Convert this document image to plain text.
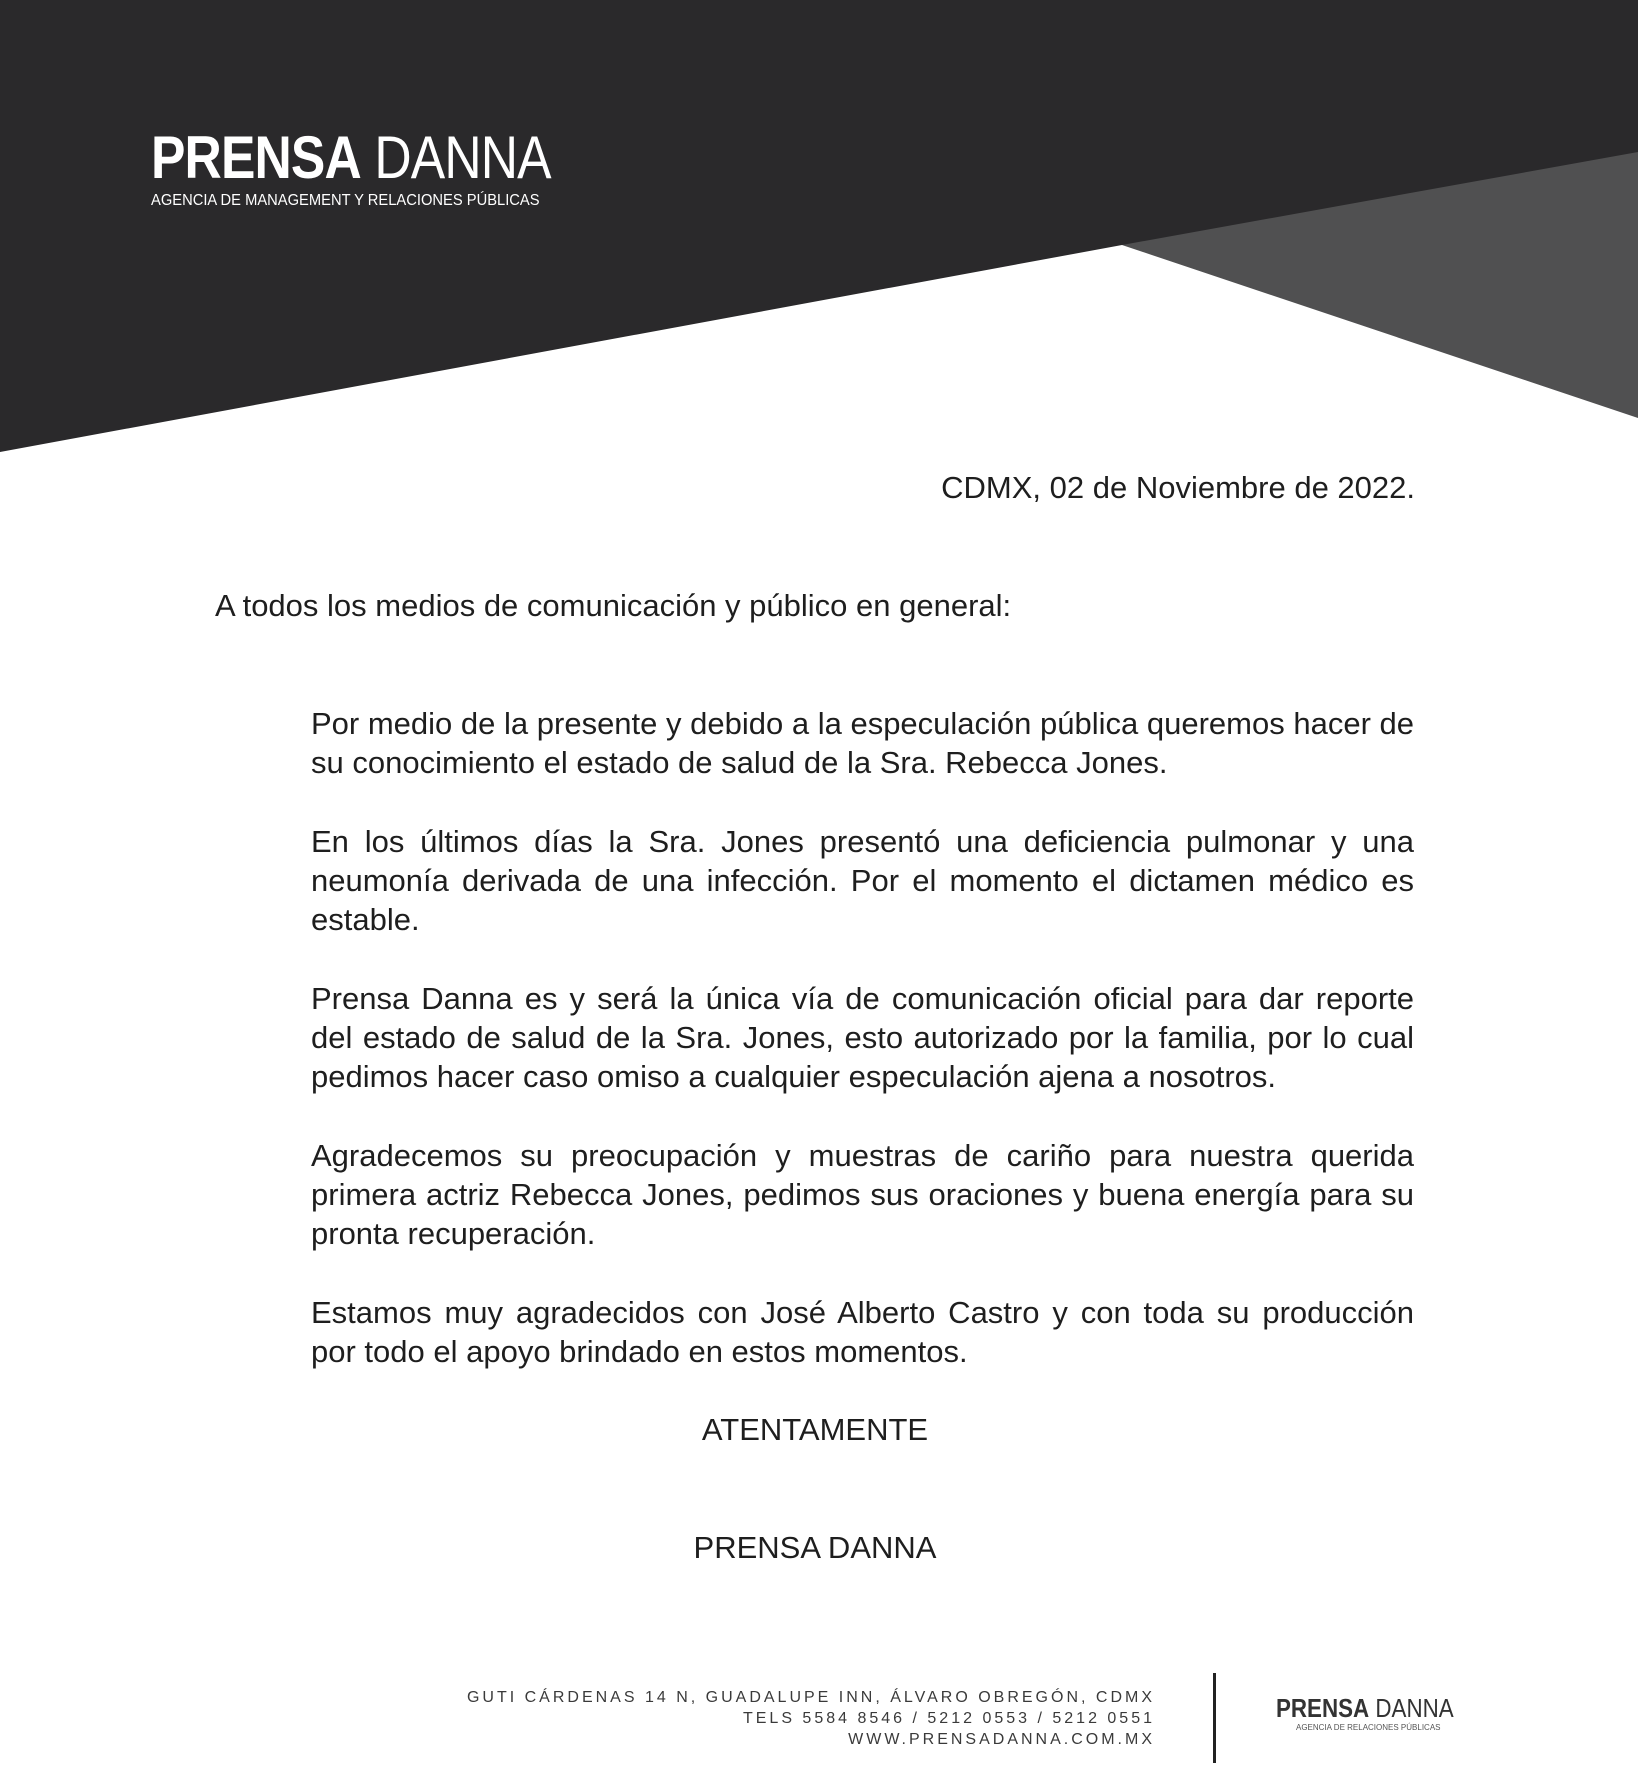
PRENSA DANNA
AGENCIA DE MANAGEMENT Y RELACIONES PÚBLICAS
CDMX, 02 de Noviembre de 2022.
A todos los medios de comunicación y público en general:

Por medio de la presente y debido a la especulación pública queremos hacer de su conocimiento el estado de salud de la Sra. Rebecca Jones.

En los últimos días la Sra. Jones presentó una deficiencia pulmonar y una neumonía derivada de una infección. Por el momento el dictamen médico es estable.

Prensa Danna es y será la única vía de comunicación oficial para dar reporte del estado de salud de la Sra. Jones, esto autorizado por la familia, por lo cual pedimos hacer caso omiso a cualquier especulación ajena a nosotros.

Agradecemos su preocupación y muestras de cariño para nuestra querida primera actriz Rebecca Jones, pedimos sus oraciones y buena energía para su pronta recuperación.

Estamos muy agradecidos con José Alberto Castro y con toda su producción por todo el apoyo brindado en estos momentos.

ATENTAMENTE
PRENSA DANNA
GUTI CÁRDENAS 14 N, GUADALUPE INN, ÁLVARO OBREGÓN, CDMX
TELS 5584 8546 / 5212 0553 / 5212 0551
WWW.PRENSADANNA.COM.MX
PRENSA DANNA
AGENCIA DE RELACIONES PÚBLICAS
